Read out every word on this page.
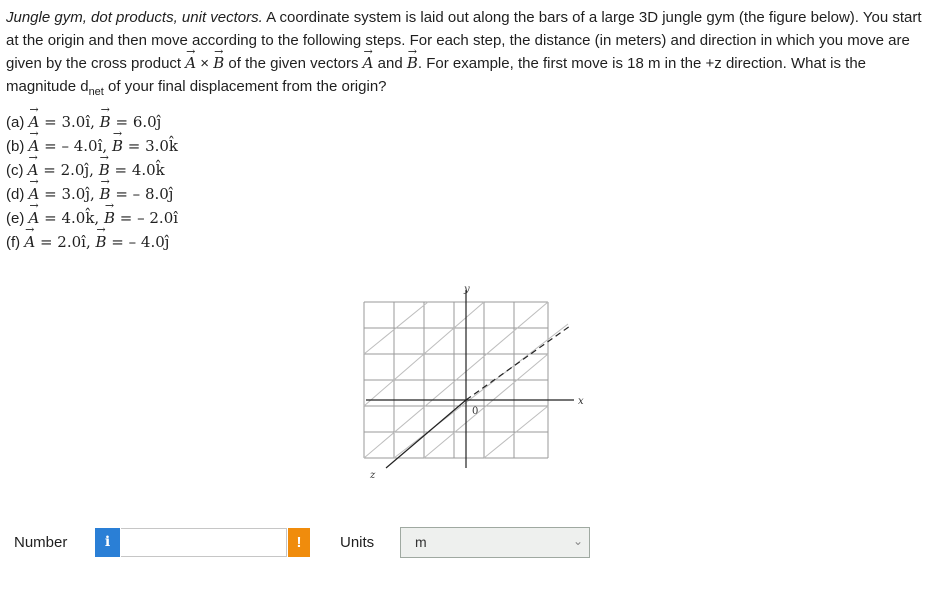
Jungle gym, dot products, unit vectors. A coordinate system is laid out along the bars of a large 3D jungle gym (the figure below). You start at the origin and then move according to the following steps. For each step, the distance (in meters) and direction in which you move are given by the cross product → A × → B of the given vectors → A and → B. For example, the first move is 18 m in the +z direction. What is the magnitude $d_{net}$ of your final displacement from the origin?
(a) → A = 3.0î, → B = 6.0ĵ
(b) → A = – 4.0î, → B = 3.0k̂
(c) → A = 2.0ĵ, → B = 4.0k̂
(d) → A = 3.0ĵ, → B = – 8.0ĵ
(e) → A = 4.0k̂, → B = – 2.0î
(f) → A = 2.0î, → B = – 4.0ĵ
y
x
z
0
Number	i	!	Units	m	⌄
